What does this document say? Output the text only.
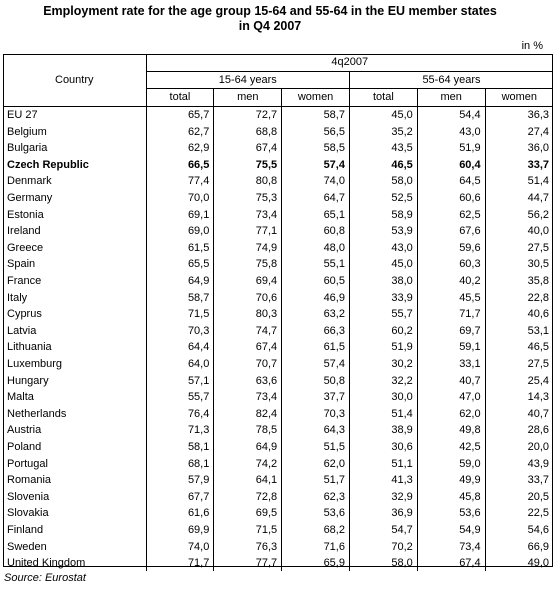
Employment rate for the age group 15-64 and 55-64 in the EU member states
in Q4 2007
in %
Country	4q2007					
	15-64 years			55-64 years		
	total	men	women	total	men	women
EU 27	65,7	72,7	58,7	45,0	54,4	36,3
Belgium	62,7	68,8	56,5	35,2	43,0	27,4
Bulgaria	62,9	67,4	58,5	43,5	51,9	36,0
Czech Republic	66,5	75,5	57,4	46,5	60,4	33,7
Denmark	77,4	80,8	74,0	58,0	64,5	51,4
Germany	70,0	75,3	64,7	52,5	60,6	44,7
Estonia	69,1	73,4	65,1	58,9	62,5	56,2
Ireland	69,0	77,1	60,8	53,9	67,6	40,0
Greece	61,5	74,9	48,0	43,0	59,6	27,5
Spain	65,5	75,8	55,1	45,0	60,3	30,5
France	64,9	69,4	60,5	38,0	40,2	35,8
Italy	58,7	70,6	46,9	33,9	45,5	22,8
Cyprus	71,5	80,3	63,2	55,7	71,7	40,6
Latvia	70,3	74,7	66,3	60,2	69,7	53,1
Lithuania	64,4	67,4	61,5	51,9	59,1	46,5
Luxemburg	64,0	70,7	57,4	30,2	33,1	27,5
Hungary	57,1	63,6	50,8	32,2	40,7	25,4
Malta	55,7	73,4	37,7	30,0	47,0	14,3
Netherlands	76,4	82,4	70,3	51,4	62,0	40,7
Austria	71,3	78,5	64,3	38,9	49,8	28,6
Poland	58,1	64,9	51,5	30,6	42,5	20,0
Portugal	68,1	74,2	62,0	51,1	59,0	43,9
Romania	57,9	64,1	51,7	41,3	49,9	33,7
Slovenia	67,7	72,8	62,3	32,9	45,8	20,5
Slovakia	61,6	69,5	53,6	36,9	53,6	22,5
Finland	69,9	71,5	68,2	54,7	54,9	54,6
Sweden	74,0	76,3	71,6	70,2	73,4	66,9
United Kingdom	71,7	77,7	65,9	58,0	67,4	49,0
Source: Eurostat
